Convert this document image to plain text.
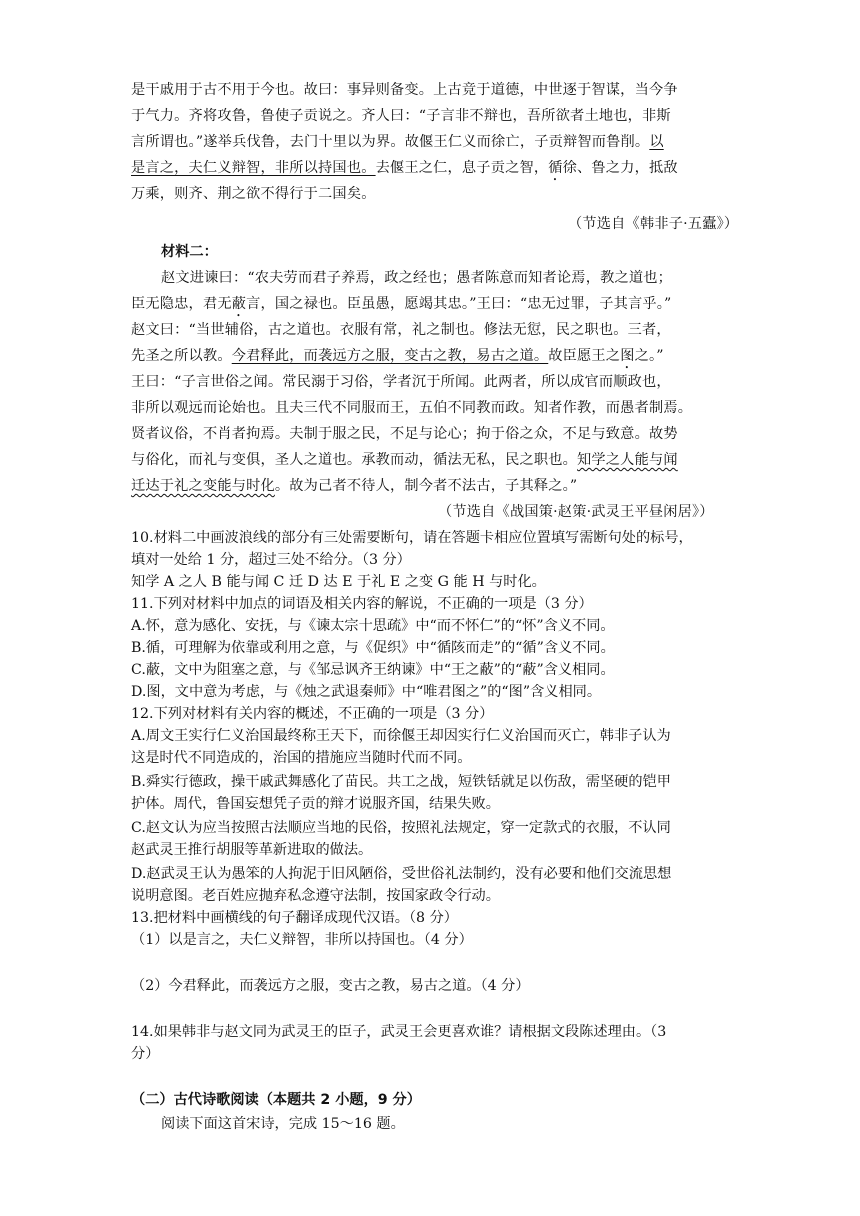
是干戚用于古不用于今也。故曰：事异则备变。上古竞于道德，中世逐于智谋，当今争
于气力。齐将攻鲁，鲁使子贡说之。齐人曰：“子言非不辩也，吾所欲者土地也，非斯
言所谓也。”遂举兵伐鲁，去门十里以为界。故偃王仁义而徐亡，子贡辩智而鲁削。以
是言之，夫仁义辩智，非所以持国也。去偃王之仁，息子贡之智，循徐、鲁之力，抵敌
万乘，则齐、荆之欲不得行于二国矣。
（节选自《韩非子·五蠹》）
材料二：
赵文进谏曰：“农夫劳而君子养焉，政之经也；愚者陈意而知者论焉，教之道也；
臣无隐忠，君无蔽言，国之禄也。臣虽愚，愿竭其忠。”王曰：“忠无过罪，子其言乎。”
赵文曰：“当世辅俗，古之道也。衣服有常，礼之制也。修法无愆，民之职也。三者，
先圣之所以教。今君释此，而袭远方之服，变古之教，易古之道。故臣愿王之图之。”
王曰：“子言世俗之闻。常民溺于习俗，学者沉于所闻。此两者，所以成官而顺政也，
非所以观远而论始也。且夫三代不同服而王，五伯不同教而政。知者作教，而愚者制焉。
贤者议俗，不肖者拘焉。夫制于服之民，不足与论心；拘于俗之众，不足与致意。故势
与俗化，而礼与变俱，圣人之道也。承教而动，循法无私，民之职也。知学之人能与闻
迁达于礼之变能与时化。故为己者不待人，制今者不法古，子其释之。”
（节选自《战国策·赵策·武灵王平昼闲居》）
10.材料二中画波浪线的部分有三处需要断句，请在答题卡相应位置填写需断句处的标号，
填对一处给 1 分，超过三处不给分。（3 分）
知学 A 之人 B 能与闻 C 迁 D 达 E 于礼 E 之变 G 能 H 与时化。
11.下列对材料中加点的词语及相关内容的解说，不正确的一项是（3 分）
A.怀，意为感化、安抚，与《谏太宗十思疏》中“而不怀仁”的“怀”含义不同。
B.循，可理解为依靠或利用之意，与《促织》中“循陔而走”的“循”含义不同。
C.蔽，文中为阻塞之意，与《邹忌讽齐王纳谏》中“王之蔽”的“蔽”含义相同。
D.图，文中意为考虑，与《烛之武退秦师》中“唯君图之”的“图”含义相同。
12.下列对材料有关内容的概述，不正确的一项是（3 分）
A.周文王实行仁义治国最终称王天下，而徐偃王却因实行仁义治国而灭亡，韩非子认为
这是时代不同造成的，治国的措施应当随时代而不同。
B.舜实行德政，操干戚武舞感化了苗民。共工之战，短铁铦就足以伤敌，需坚硬的铠甲
护体。周代，鲁国妄想凭子贡的辩才说服齐国，结果失败。
C.赵文认为应当按照古法顺应当地的民俗，按照礼法规定，穿一定款式的衣服，不认同
赵武灵王推行胡服等革新进取的做法。
D.赵武灵王认为愚笨的人拘泥于旧风陋俗，受世俗礼法制约，没有必要和他们交流思想
说明意图。老百姓应抛弃私念遵守法制，按国家政令行动。
13.把材料中画横线的句子翻译成现代汉语。（8 分）
（1）以是言之，夫仁义辩智，非所以持国也。（4 分）
（2）今君释此，而袭远方之服，变古之教，易古之道。（4 分）
14.如果韩非与赵文同为武灵王的臣子，武灵王会更喜欢谁？请根据文段陈述理由。（3
分）
（二）古代诗歌阅读（本题共 2 小题，9 分）
阅读下面这首宋诗，完成 15～16 题。
